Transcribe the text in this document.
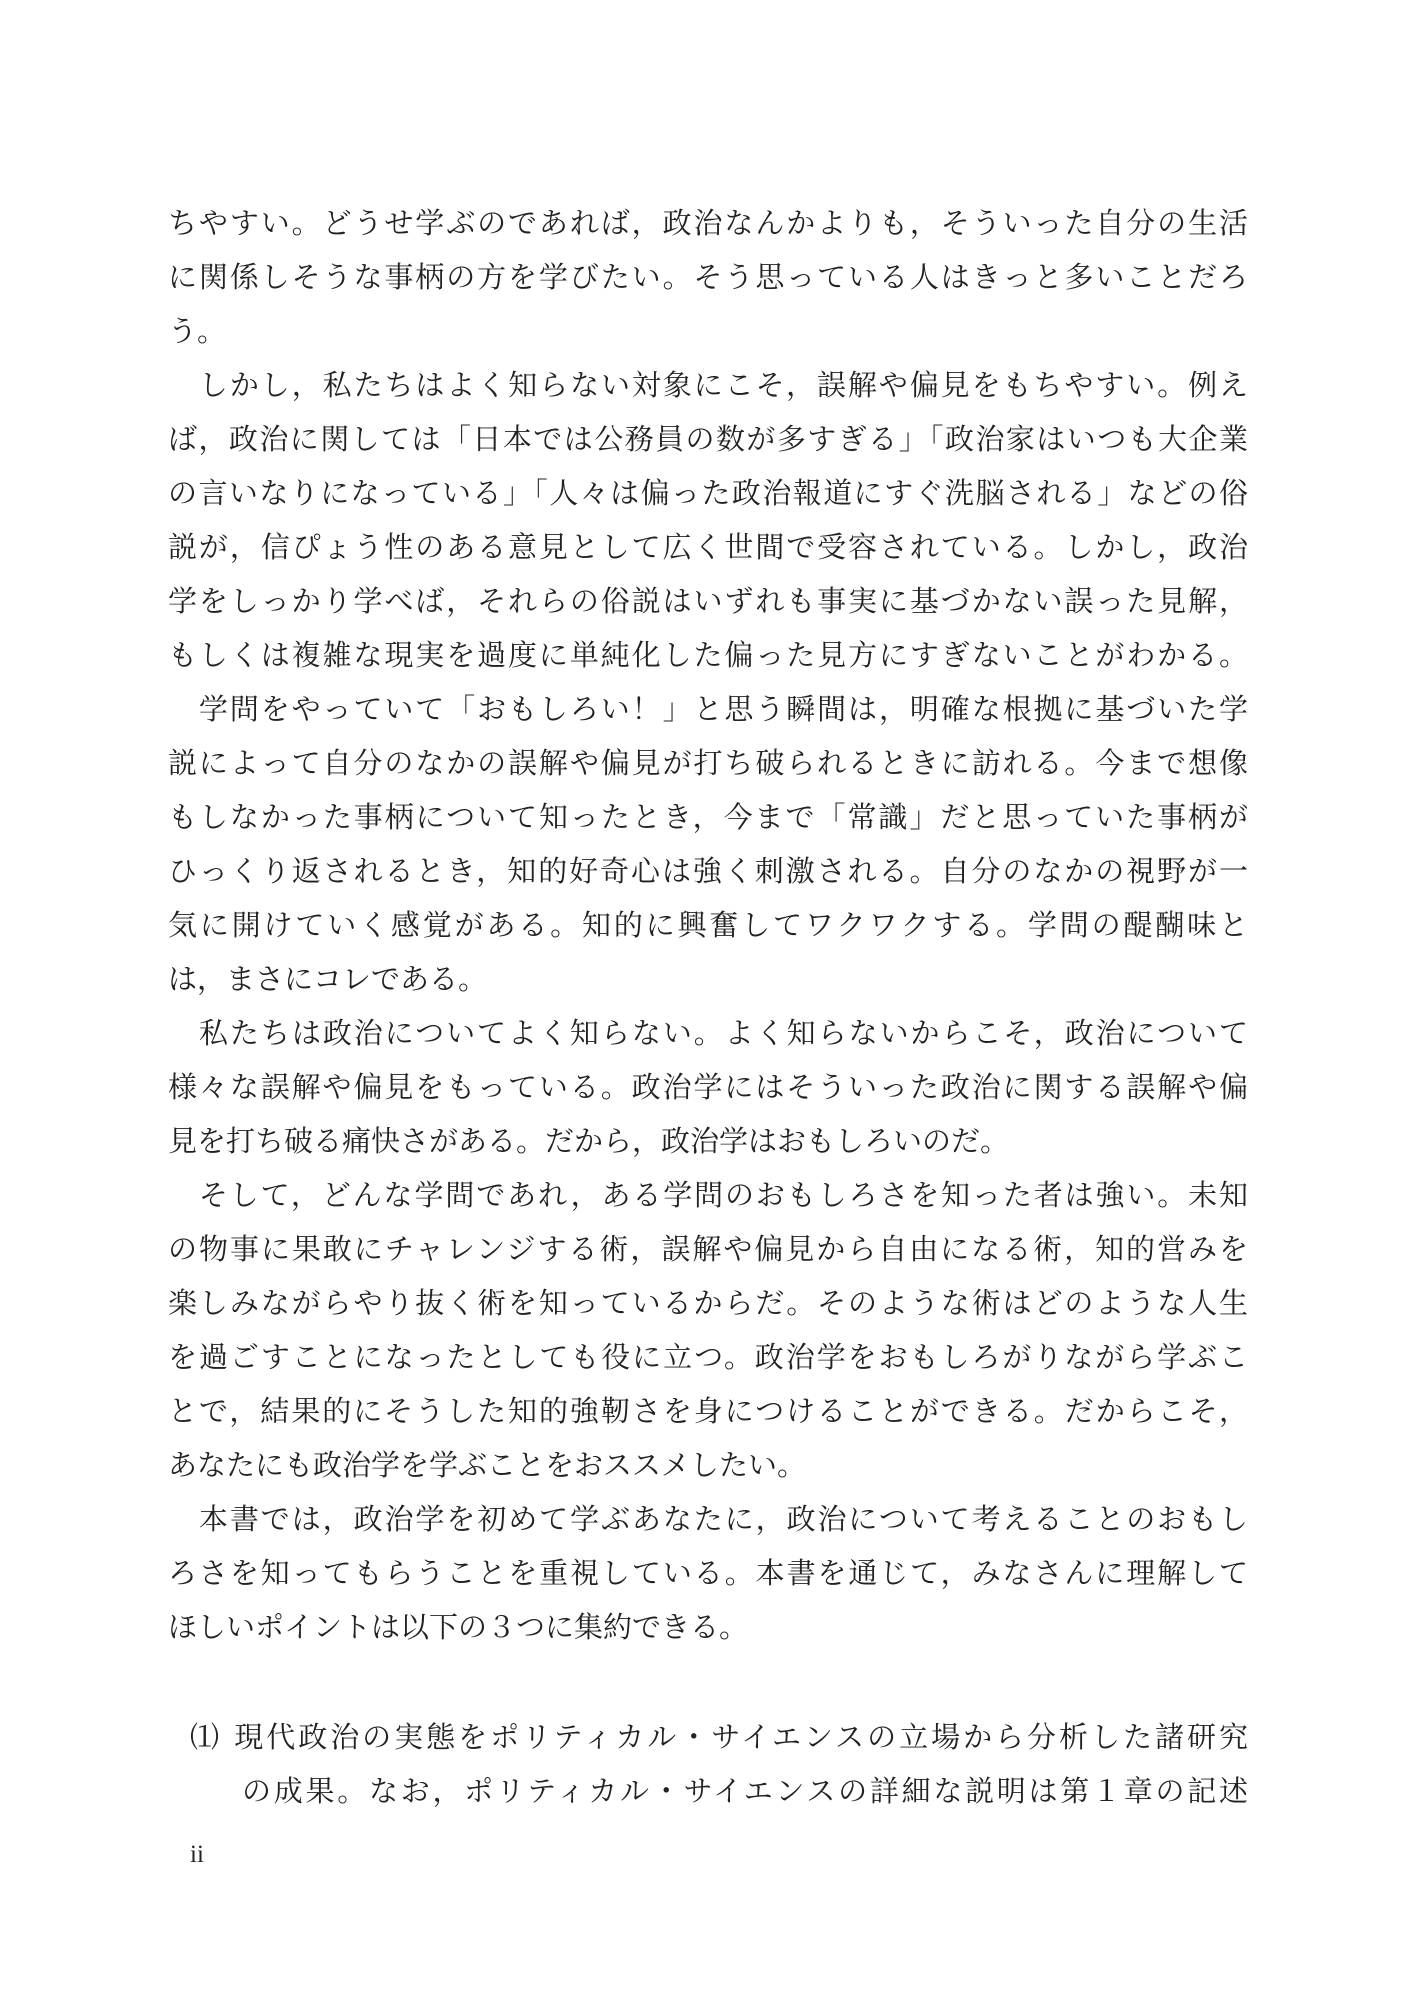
ちやすい。どうせ学ぶのであれば，政治なんかよりも，そういった自分の生活
に関係しそうな事柄の方を学びたい。そう思っている人はきっと多いことだろ
う。
　しかし，私たちはよく知らない対象にこそ，誤解や偏見をもちやすい。例え
ば，政治に関しては「日本では公務員の数が多すぎる」「政治家はいつも大企業
の言いなりになっている」「人々は偏った政治報道にすぐ洗脳される」などの俗
説が，信ぴょう性のある意見として広く世間で受容されている。しかし，政治
学をしっかり学べば，それらの俗説はいずれも事実に基づかない誤った見解，
もしくは複雑な現実を過度に単純化した偏った見方にすぎないことがわかる。
　学問をやっていて「おもしろい！」と思う瞬間は，明確な根拠に基づいた学
説によって自分のなかの誤解や偏見が打ち破られるときに訪れる。今まで想像
もしなかった事柄について知ったとき，今まで「常識」だと思っていた事柄が
ひっくり返されるとき，知的好奇心は強く刺激される。自分のなかの視野が一
気に開けていく感覚がある。知的に興奮してワクワクする。学問の醍醐味と
は，まさにコレである。
　私たちは政治についてよく知らない。よく知らないからこそ，政治について
様々な誤解や偏見をもっている。政治学にはそういった政治に関する誤解や偏
見を打ち破る痛快さがある。だから，政治学はおもしろいのだ。
　そして，どんな学問であれ，ある学問のおもしろさを知った者は強い。未知
の物事に果敢にチャレンジする術，誤解や偏見から自由になる術，知的営みを
楽しみながらやり抜く術を知っているからだ。そのような術はどのような人生
を過ごすことになったとしても役に立つ。政治学をおもしろがりながら学ぶこ
とで，結果的にそうした知的強靭さを身につけることができる。だからこそ，
あなたにも政治学を学ぶことをおススメしたい。
　本書では，政治学を初めて学ぶあなたに，政治について考えることのおもし
ろさを知ってもらうことを重視している。本書を通じて，みなさんに理解して
ほしいポイントは以下の３つに集約できる。
⑴ 現代政治の実態をポリティカル・サイエンスの立場から分析した諸研究
の成果。なお，ポリティカル・サイエンスの詳細な説明は第１章の記述
ii
